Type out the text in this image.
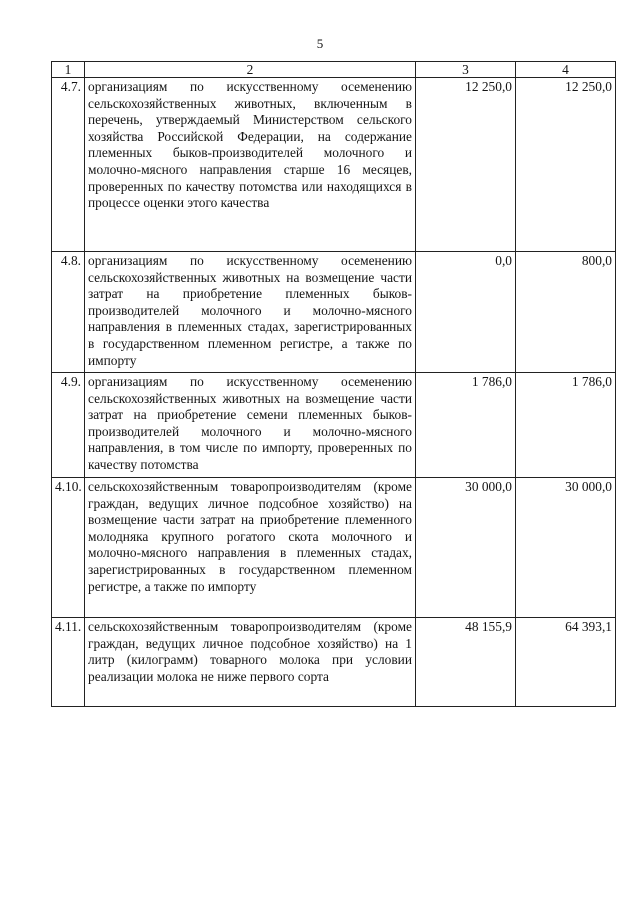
5
1	2	3	4
4.7.	организациям по искусственному осеменению сельскохозяйственных животных, включенным в перечень, утверждаемый Министерством сельского хозяйства Российской Федерации, на содержание племенных быков-производителей молочного и молочно-мясного направления старше 16 месяцев, проверенных по качеству потомства или находящихся в процессе оценки этого качества	12 250,0	12 250,0
4.8.	организациям по искусственному осеменению сельскохозяйственных животных на возмещение части затрат на приобретение племенных быков-производителей молочного и молочно-мясного направления в племенных стадах, зарегистрированных в государственном племенном регистре, а также по импорту	0,0	800,0
4.9.	организациям по искусственному осеменению сельскохозяйственных животных на возмещение части затрат на приобретение семени племенных быков-производителей молочного и молочно-мясного направления, в том числе по импорту, проверенных по качеству потомства	1 786,0	1 786,0
4.10.	сельскохозяйственным товаропроизводителям (кроме граждан, ведущих личное подсобное хозяйство) на возмещение части затрат на приобретение племенного молодняка крупного рогатого скота молочного и молочно-мясного направления в племенных стадах, зарегистрированных в государственном племенном регистре, а также по импорту	30 000,0	30 000,0
4.11.	сельскохозяйственным товаропроизводителям (кроме граждан, ведущих личное подсобное хозяйство) на 1 литр (килограмм) товарного молока при условии реализации молока не ниже первого сорта	48 155,9	64 393,1
